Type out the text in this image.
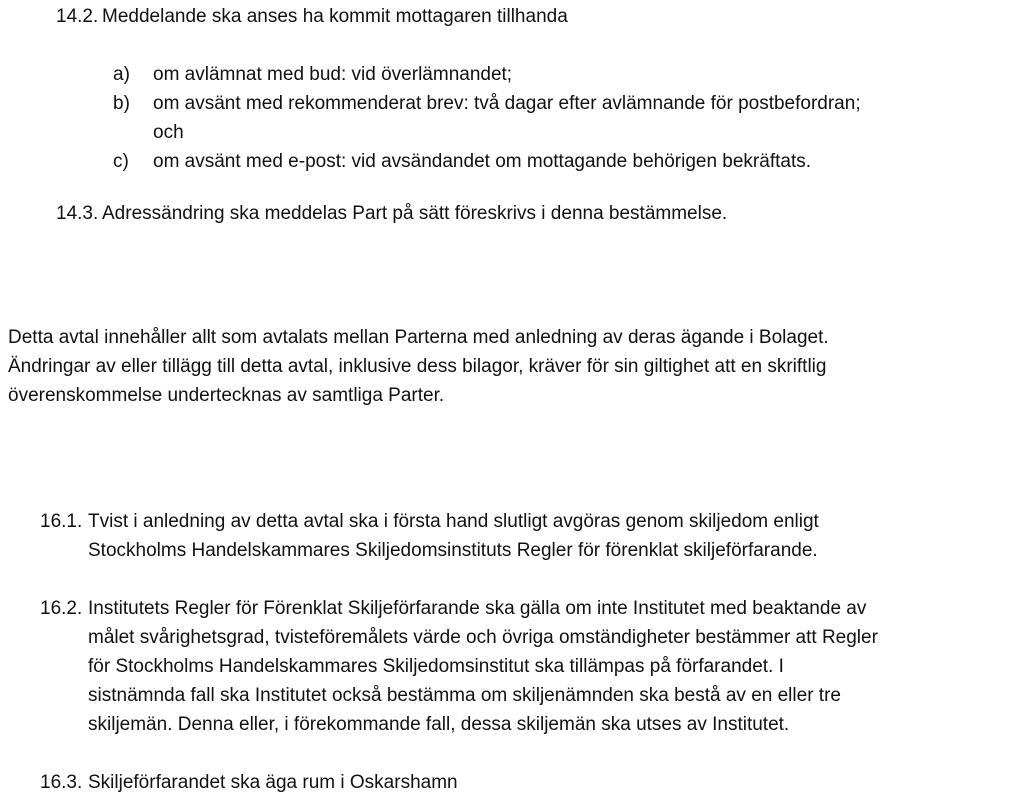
14.2. Meddelande ska anses ha kommit mottagaren tillhanda
a) om avlämnat med bud: vid överlämnandet;
b) om avsänt med rekommenderat brev: två dagar efter avlämnande för postbefordran;
och
c) om avsänt med e-post: vid avsändandet om mottagande behörigen bekräftats.
14.3. Adressändring ska meddelas Part på sätt föreskrivs i denna bestämmelse.
Detta avtal innehåller allt som avtalats mellan Parterna med anledning av deras ägande i Bolaget.
Ändringar av eller tillägg till detta avtal, inklusive dess bilagor, kräver för sin giltighet att en skriftlig
överenskommelse undertecknas av samtliga Parter.
16.1. Tvist i anledning av detta avtal ska i första hand slutligt avgöras genom skiljedom enligt
Stockholms Handelskammares Skiljedomsinstituts Regler för förenklat skiljeförfarande.
16.2. Institutets Regler för Förenklat Skiljeförfarande ska gälla om inte Institutet med beaktande av
målet svårighetsgrad, tvisteföremålets värde och övriga omständigheter bestämmer att Regler
för Stockholms Handelskammares Skiljedomsinstitut ska tillämpas på förfarandet. I
sistnämnda fall ska Institutet också bestämma om skiljenämnden ska bestå av en eller tre
skiljemän. Denna eller, i förekommande fall, dessa skiljemän ska utses av Institutet.
16.3. Skiljeförfarandet ska äga rum i Oskarshamn
